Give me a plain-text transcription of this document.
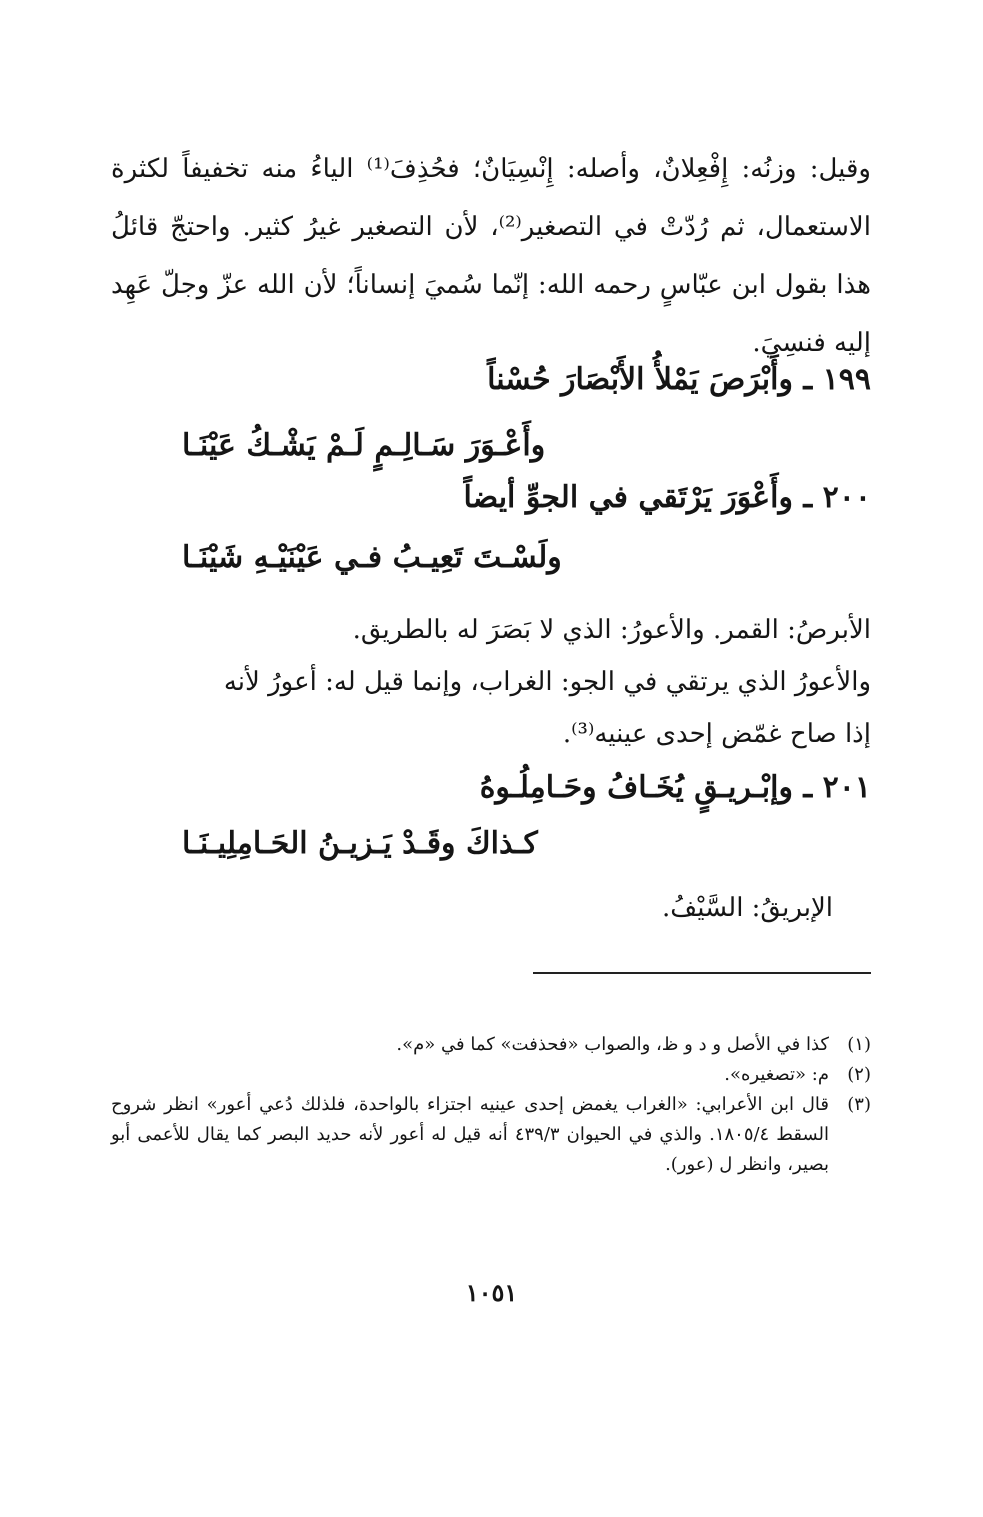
وقيل: وزنُه: إِفْعِلانٌ، وأصله: إِنْسِيَانٌ؛ فحُذِفَ⁽¹⁾ الياءُ منه تخفيفاً لكثرة الاستعمال، ثم رُدّتْ في التصغير⁽²⁾، لأن التصغير غيرُ كثير. واحتجّ قائلُ هذا بقول ابن عبّاسٍ رحمه الله: إنّما سُميَ إنساناً؛ لأن الله عزّ وجلّ عَهِد إليه فنسِيَ.

١٩٩ ـ وأَبْرَصَ يَمْلأُ الأَبْصَارَ حُسْناً
وأَعْـوَرَ سَـالِـمٍ لَـمْ يَشْـكُ عَيْنَـا
٢٠٠ ـ وأَعْوَرَ يَرْتَقي في الجوِّ أيضاً
ولَسْـتَ تَعِيـبُ فـي عَيْنَيْـهِ شَيْنَـا
الأبرصُ: القمر. والأعورُ: الذي لا بَصَرَ له بالطريق.
والأعورُ الذي يرتقي في الجو: الغراب، وإنما قيل له: أعورُ لأنه
إذا صاح غمّض إحدى عينيه⁽³⁾.
٢٠١ ـ وإبْـريـقٍ يُخَـافُ وحَـامِلُـوهُ
كـذاكَ وقَـدْ يَـزيـنُ الحَـامِلِيـنَـا
الإبريقُ: السَّيْفُ.
(١)
كذا في الأصل و د و ظ، والصواب «فحذفت» كما في «م».
(٢)
م: «تصغيره».
(٣)
قال ابن الأعرابي: «الغراب يغمض إحدى عينيه اجتزاء بالواحدة، فلذلك دُعي أعور» انظر شروح السقط ١٨٠٥/٤. والذي في الحيوان ٤٣٩/٣ أنه قيل له أعور لأنه حديد البصر كما يقال للأعمى أبو بصير، وانظر ل (عور).
١٠٥١
